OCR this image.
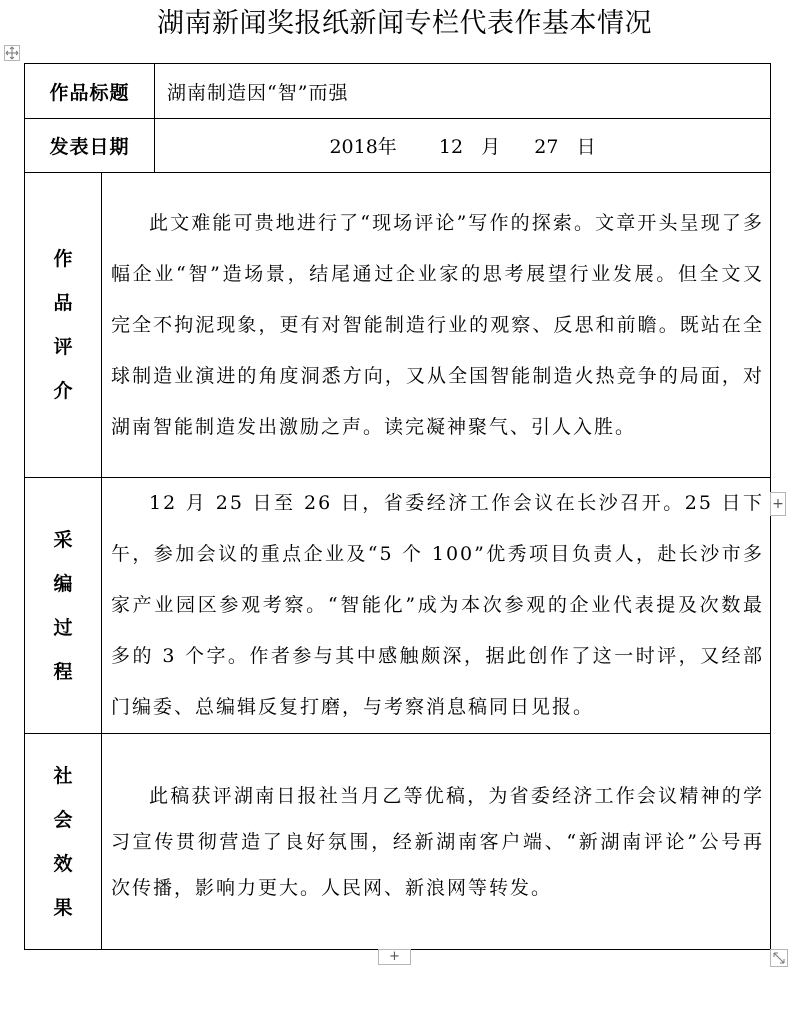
湖南新闻奖报纸新闻专栏代表作基本情况
作品标题		湖南制造因“智”而强
发表日期		2018年 12 月 27 日

作
品
评
介	此文难能可贵地进行了“现场评论”写作的探索。文章开头呈现了多幅企业“智”造场景，结尾通过企业家的思考展望行业发展。但全文又完全不拘泥现象，更有对智能制造行业的观察、反思和前瞻。既站在全球制造业演进的角度洞悉方向，又从全国智能制造火热竞争的局面，对湖南智能制造发出激励之声。读完凝神聚气、引人入胜。	

采
编
过
程	12 月 25 日至 26 日，省委经济工作会议在长沙召开。25 日下午，参加会议的重点企业及“5 个 100”优秀项目负责人，赴长沙市多家产业园区参观考察。“智能化”成为本次参观的企业代表提及次数最多的 3 个字。作者参与其中感触颇深，据此创作了这一时评，又经部门编委、总编辑反复打磨，与考察消息稿同日见报。	

社
会
效
果	此稿获评湖南日报社当月乙等优稿，为省委经济工作会议精神的学习宣传贯彻营造了良好氛围，经新湖南客户端、“新湖南评论”公号再次传播，影响力更大。人民网、新浪网等转发。	
+
+
